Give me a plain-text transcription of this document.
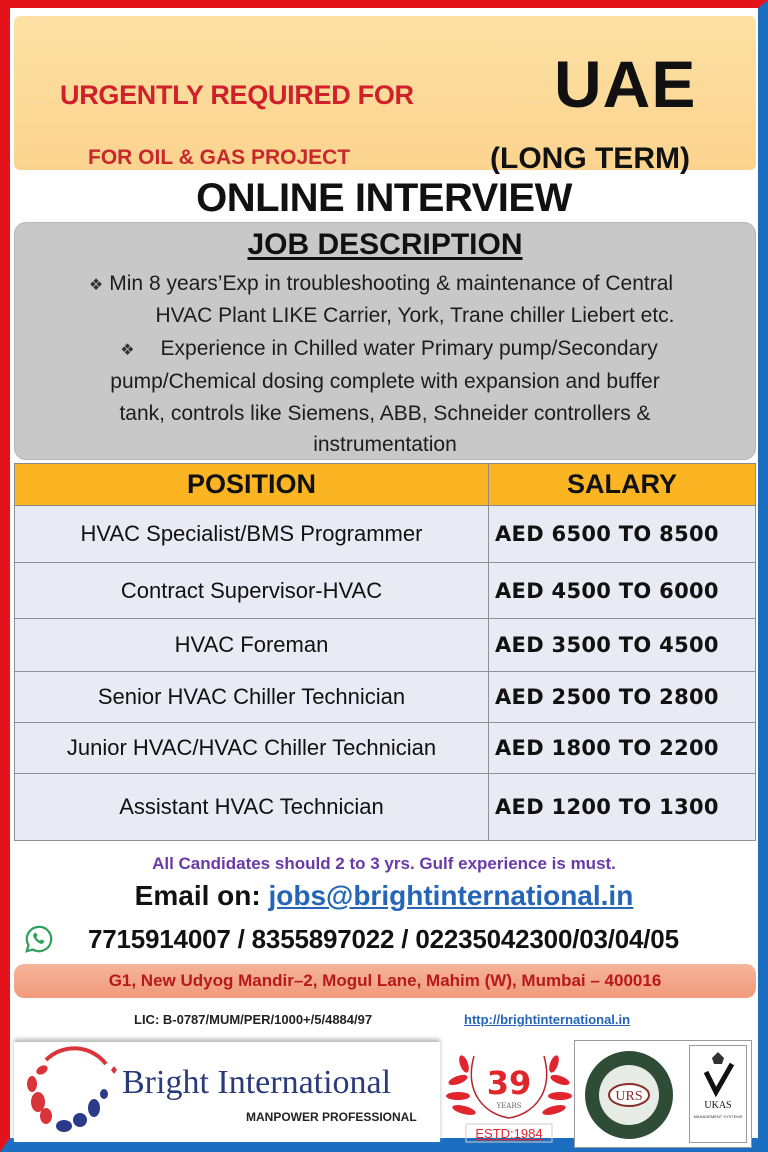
URGENTLY REQUIRED FOR
FOR OIL & GAS PROJECT
UAE
(LONG TERM)
ONLINE INTERVIEW
JOB DESCRIPTION
❖ Min 8 years’Exp in troubleshooting & maintenance of Central
HVAC Plant LIKE Carrier, York, Trane chiller Liebert etc.
❖ Experience in Chilled water Primary pump/Secondary
pump/Chemical dosing complete with expansion and buffer
tank, controls like Siemens, ABB, Schneider controllers &
instrumentation
POSITION	SALARY
HVAC Specialist/BMS Programmer	AED 6500 TO 8500
Contract Supervisor-HVAC	AED 4500 TO 6000
HVAC Foreman	AED 3500 TO 4500
Senior HVAC Chiller Technician	AED 2500 TO 2800
Junior HVAC/HVAC Chiller Technician	AED 1800 TO 2200
Assistant HVAC Technician	AED 1200 TO 1300
All Candidates should 2 to 3 yrs. Gulf experience is must.
Email on: jobs@brightinternational.in
7715914007 / 8355897022 / 02235042300/03/04/05
G1, New Udyog Mandir–2, Mogul Lane, Mahim (W), Mumbai – 400016
LIC: B-0787/MUM/PER/1000+/5/4884/97	http://brightinternational.in
Bright International
MANPOWER PROFESSIONAL
39
YEARS
ESTD:1984
URS
UKAS
MANAGEMENT SYSTEMS
